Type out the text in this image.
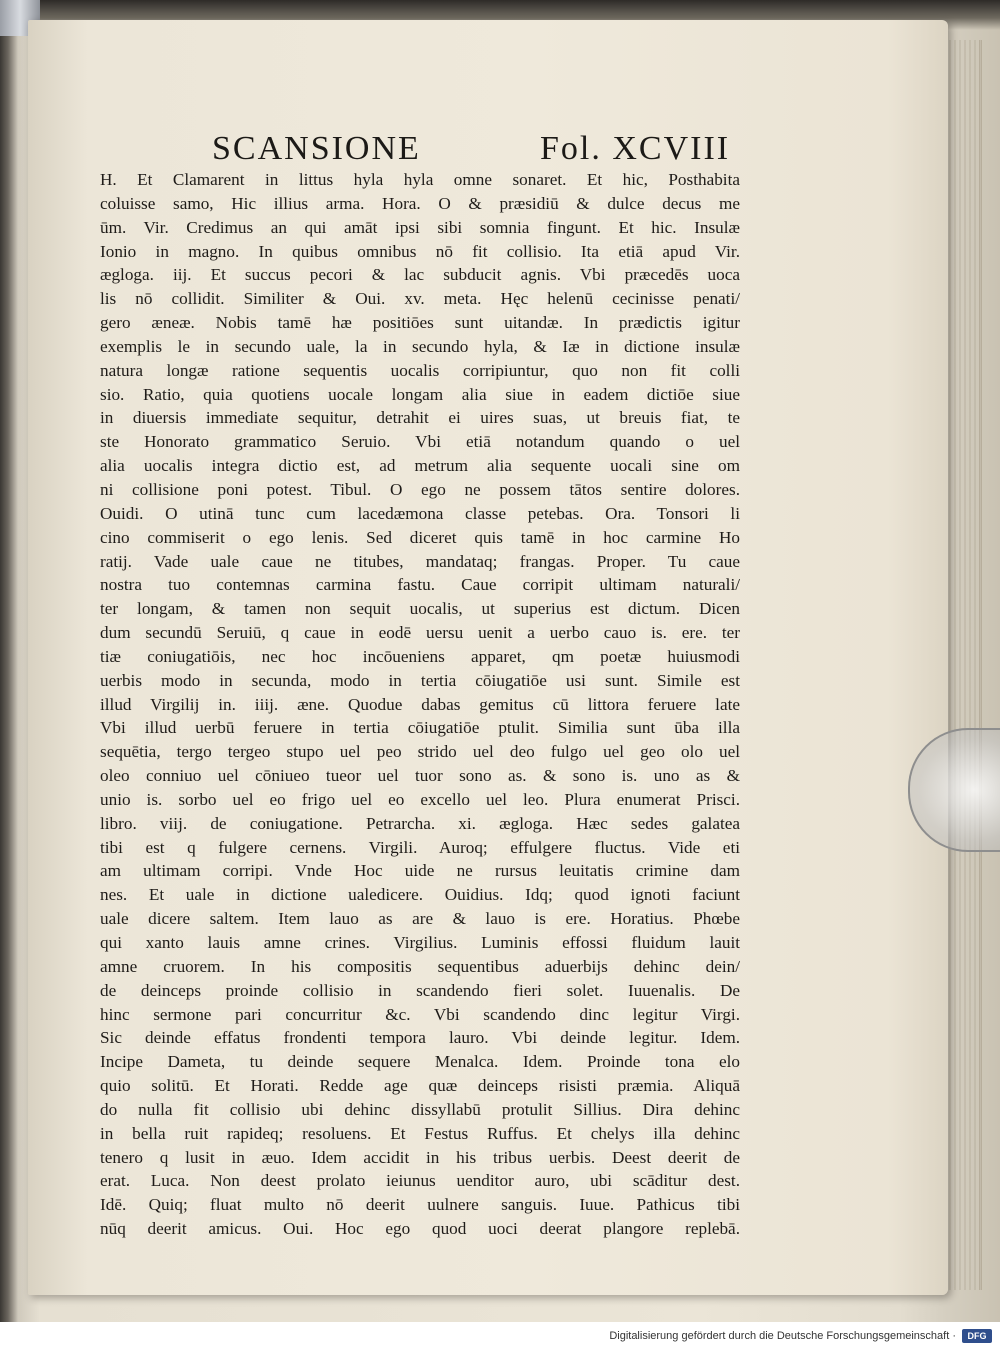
SCANSIONE	Fol. XCVIII
H. Et Clamarent in littus hyla hyla omne sonaret. Et hic, Posthabita
coluisse samo, Hic illius arma. Hora. O & præsidiū & dulce decus me
ūm. Vir. Credimus an qui amāt ipsi sibi somnia fingunt. Et hic. Insulæ
Ionio in magno. In quibus omnibus nō fit collisio. Ita etiā apud Vir.
ægloga. iij. Et succus pecori & lac subducit agnis. Vbi præcedēs uoca
lis nō collidit. Similiter & Oui. xv. meta. Hęc helenū cecinisse penati/
gero æneæ. Nobis tamē hæ positiōes sunt uitandæ. In prædictis igitur
exemplis le in secundo uale, la in secundo hyla, & Iæ in dictione insulæ
natura longæ ratione sequentis uocalis corripiuntur, quo non fit colli
sio. Ratio, quia quotiens uocale longam alia siue in eadem dictiōe siue
in diuersis immediate sequitur, detrahit ei uires suas, ut breuis fiat, te
ste Honorato grammatico Seruio. Vbi etiā notandum quando o uel
alia uocalis integra dictio est, ad metrum alia sequente uocali sine om
ni collisione poni potest. Tibul. O ego ne possem tātos sentire dolores.
Ouidi. O utinā tunc cum lacedæmona classe petebas. Ora. Tonsori li
cino commiserit o ego lenis. Sed diceret quis tamē in hoc carmine Ho
ratij. Vade uale caue ne titubes, mandataq; frangas. Proper. Tu caue
nostra tuo contemnas carmina fastu. Caue corripit ultimam naturali/
ter longam, & tamen non sequit uocalis, ut superius est dictum. Dicen
dum secundū Seruiū, q caue in eodē uersu uenit a uerbo cauo is. ere. ter
tiæ coniugatiōis, nec hoc incōueniens apparet, qm poetæ huiusmodi
uerbis modo in secunda, modo in tertia cōiugatiōe usi sunt. Simile est
illud Virgilij in. iiij. æne. Quodue dabas gemitus cū littora feruere late
Vbi illud uerbū feruere in tertia cōiugatiōe ptulit. Similia sunt ūba illa
sequētia, tergo tergeo stupo uel peo strido uel deo fulgo uel geo olo uel
oleo conniuo uel cōniueo tueor uel tuor sono as. & sono is. uno as &
unio is. sorbo uel eo frigo uel eo excello uel leo. Plura enumerat Prisci.
libro. viij. de coniugatione. Petrarcha. xi. ægloga. Hæc sedes galatea
tibi est q fulgere cernens. Virgili. Auroq; effulgere fluctus. Vide eti
am ultimam corripi. Vnde Hoc uide ne rursus leuitatis crimine dam
nes. Et uale in dictione ualedicere. Ouidius. Idq; quod ignoti faciunt
uale dicere saltem. Item lauo as are & lauo is ere. Horatius. Phœbe
qui xanto lauis amne crines. Virgilius. Luminis effossi fluidum lauit
amne cruorem. In his compositis sequentibus aduerbijs dehinc dein/
de deinceps proinde collisio in scandendo fieri solet. Iuuenalis. De
hinc sermone pari concurritur &c. Vbi scandendo dinc legitur Virgi.
Sic deinde effatus frondenti tempora lauro. Vbi deinde legitur. Idem.
Incipe Dameta, tu deinde sequere Menalca. Idem. Proinde tona elo
quio solitū. Et Horati. Redde age quæ deinceps risisti præmia. Aliquā
do nulla fit collisio ubi dehinc dissyllabū protulit Sillius. Dira dehinc
in bella ruit rapideq; resoluens. Et Festus Ruffus. Et chelys illa dehinc
tenero q lusit in æuo. Idem accidit in his tribus uerbis. Deest deerit de
erat. Luca. Non deest prolato ieiunus uenditor auro, ubi scāditur dest.
Idē. Quiq; fluat multo nō deerit uulnere sanguis. Iuue. Pathicus tibi
nūq deerit amicus. Oui. Hoc ego quod uoci deerat plangore replebā.
Digitalisierung gefördert durch die Deutsche Forschungsgemeinschaft ·	DFG
